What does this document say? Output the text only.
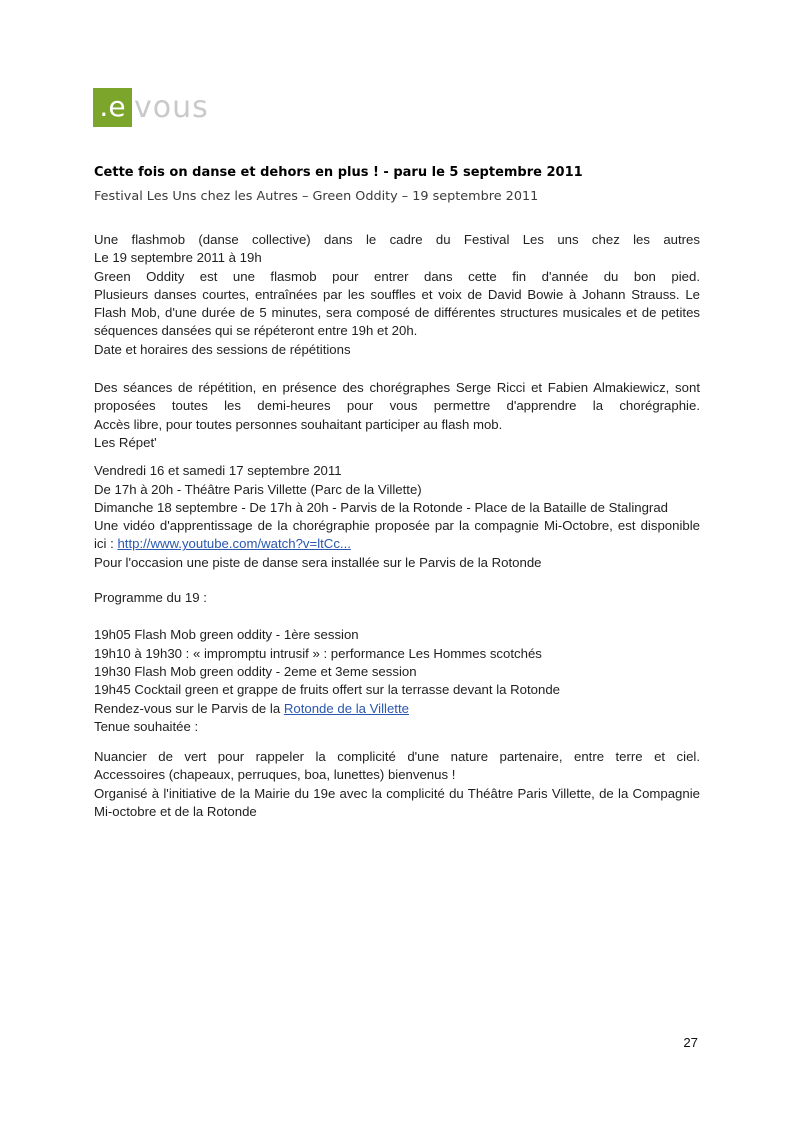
.e vous
Cette fois on danse et dehors en plus ! - paru le 5 septembre 2011
Festival Les Uns chez les Autres – Green Oddity – 19 septembre 2011
Une flashmob (danse collective) dans le cadre du Festival Les uns chez les autres
Le 19 septembre 2011 à 19h
Green Oddity est une flasmob pour entrer dans cette fin d'année du bon pied.
Plusieurs danses courtes, entraînées par les souffles et voix de David Bowie à Johann Strauss. Le
Flash Mob, d'une durée de 5 minutes, sera composé de différentes structures musicales et de petites
séquences dansées qui se répéteront entre 19h et 20h.
Date et horaires des sessions de répétitions
Des séances de répétition, en présence des chorégraphes Serge Ricci et Fabien Almakiewicz, sont
proposées toutes les demi-heures pour vous permettre d'apprendre la chorégraphie.
Accès libre, pour toutes personnes souhaitant participer au flash mob.
Les Répet'
Vendredi 16 et samedi 17 septembre 2011
De 17h à 20h - Théâtre Paris Villette (Parc de la Villette)
Dimanche 18 septembre - De 17h à 20h - Parvis de la Rotonde - Place de la Bataille de Stalingrad
Une vidéo d'apprentissage de la chorégraphie proposée par la compagnie Mi-Octobre, est disponible
ici : http://www.youtube.com/watch?v=ltCc...
Pour l'occasion une piste de danse sera installée sur le Parvis de la Rotonde
Programme du 19 :
19h05 Flash Mob green oddity - 1ère session
19h10 à 19h30 : « impromptu intrusif » : performance Les Hommes scotchés
19h30 Flash Mob green oddity - 2eme et 3eme session
19h45 Cocktail green et grappe de fruits offert sur la terrasse devant la Rotonde
Rendez-vous sur le Parvis de la Rotonde de la Villette
Tenue souhaitée :
Nuancier de vert pour rappeler la complicité d'une nature partenaire, entre terre et ciel.
Accessoires (chapeaux, perruques, boa, lunettes) bienvenus !
Organisé à l'initiative de la Mairie du 19e avec la complicité du Théâtre Paris Villette, de la Compagnie
Mi-octobre et de la Rotonde
27
